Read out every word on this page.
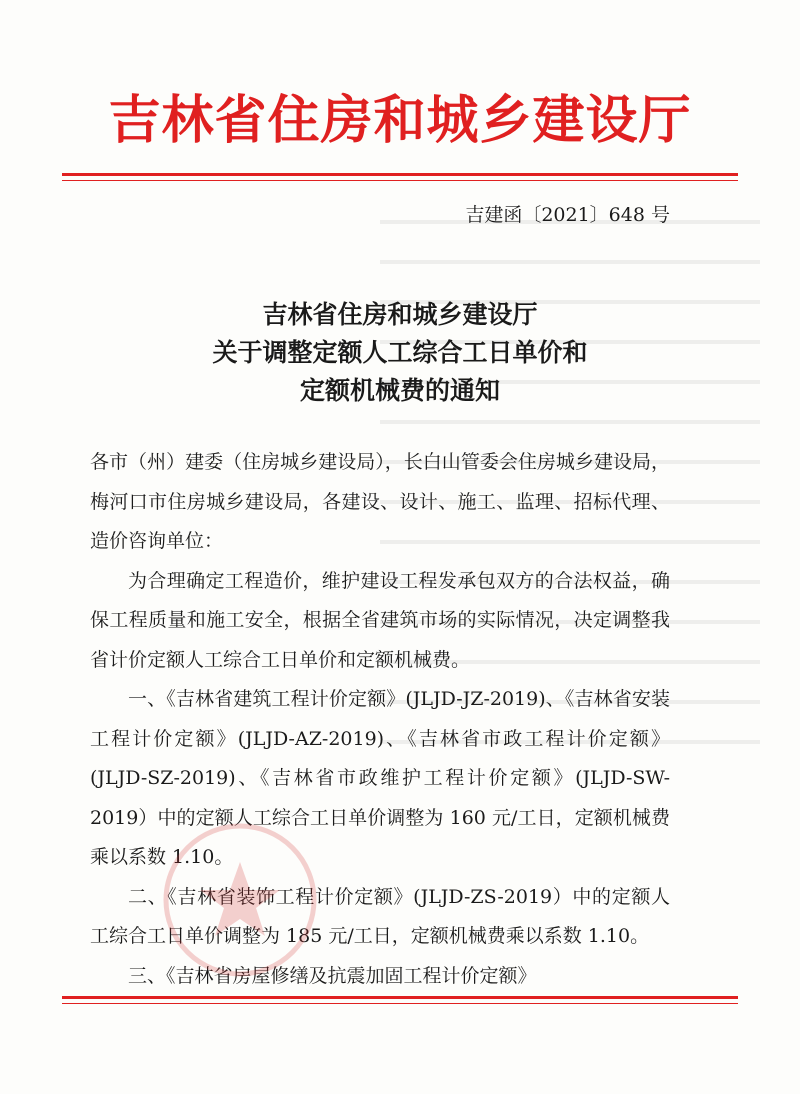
吉林省住房和城乡建设厅
吉建函〔2021〕648 号
吉林省住房和城乡建设厅
关于调整定额人工综合工日单价和
定额机械费的通知

各市（州）建委（住房城乡建设局），长白山管委会住房城乡建设局，梅河口市住房城乡建设局，各建设、设计、施工、监理、招标代理、造价咨询单位：

为合理确定工程造价，维护建设工程发承包双方的合法权益，确保工程质量和施工安全，根据全省建筑市场的实际情况，决定调整我省计价定额人工综合工日单价和定额机械费。

一、《吉林省建筑工程计价定额》(JLJD-JZ-2019)、《吉林省安装工程计价定额》(JLJD-AZ-2019)、《吉林省市政工程计价定额》(JLJD-SZ-2019)、《吉林省市政维护工程计价定额》(JLJD-SW-2019）中的定额人工综合工日单价调整为 160 元/工日，定额机械费乘以系数 1.10。

二、《吉林省装饰工程计价定额》(JLJD-ZS-2019）中的定额人工综合工日单价调整为 185 元/工日，定额机械费乘以系数 1.10。

三、《吉林省房屋修缮及抗震加固工程计价定额》
